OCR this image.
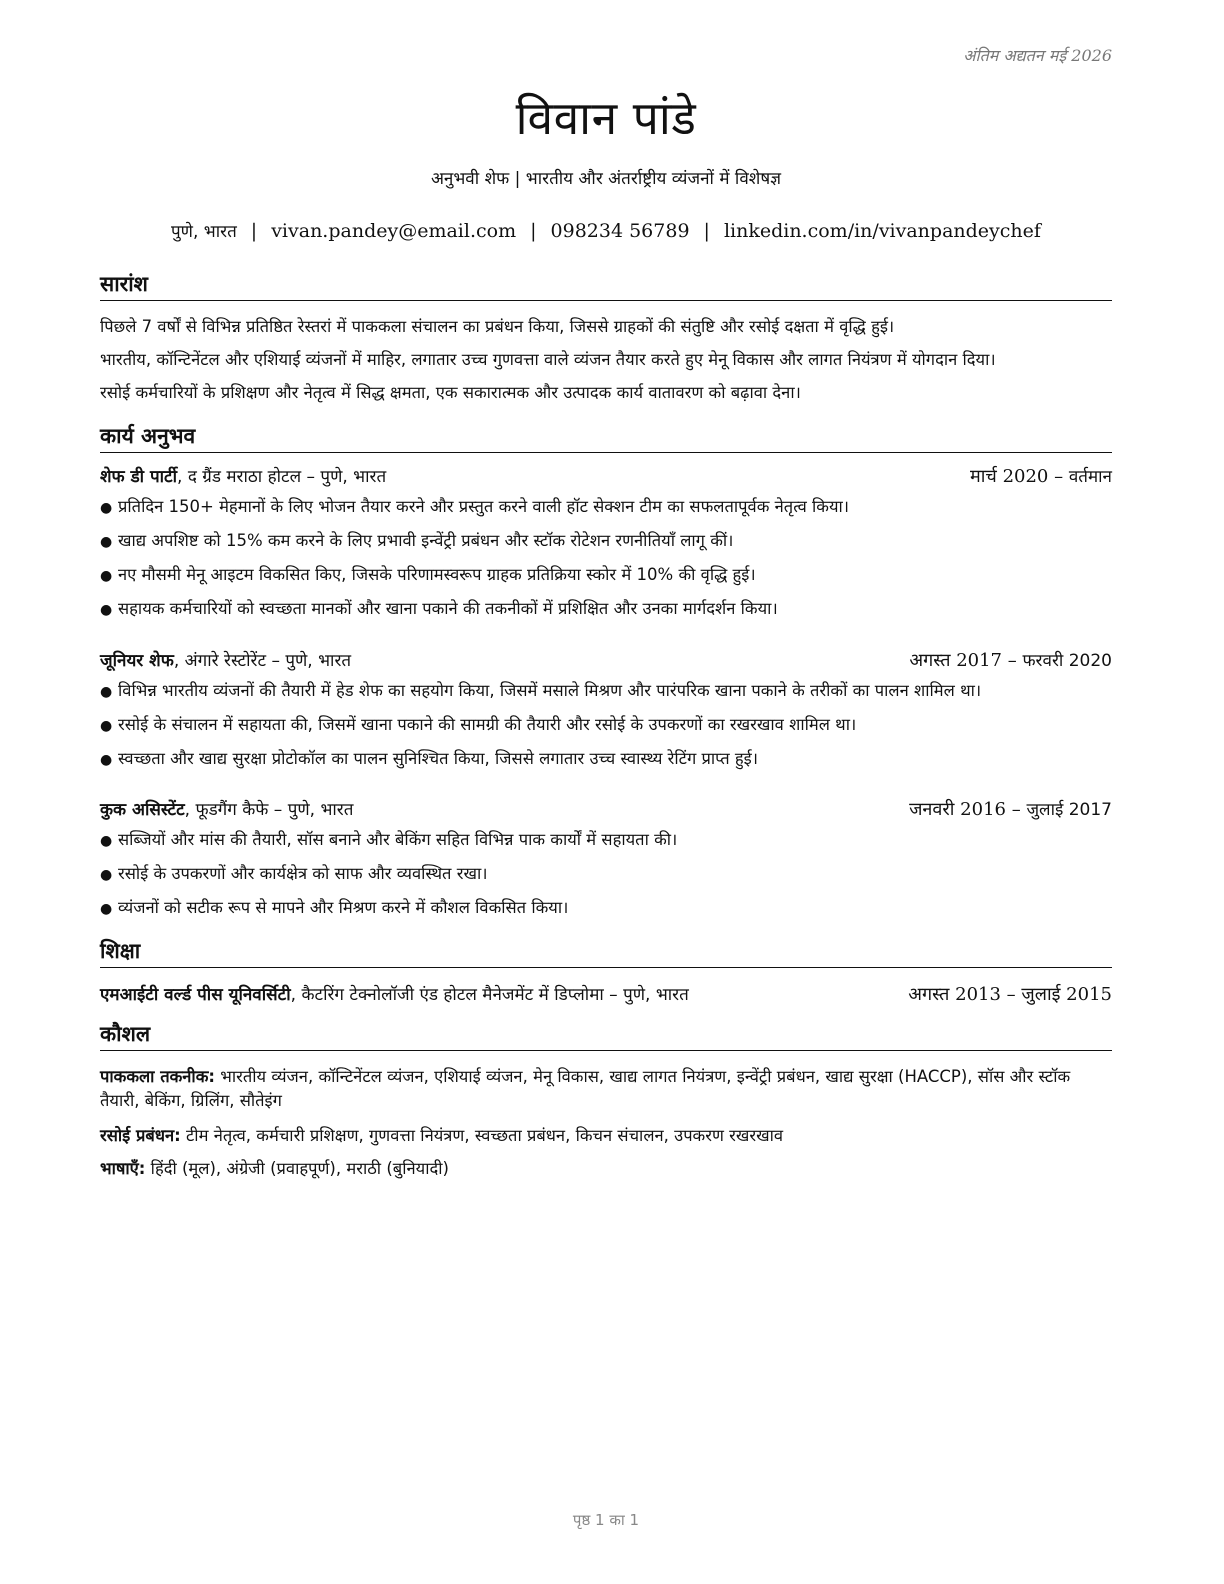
अंतिम अद्यतन मई 2026
विवान पांडे
अनुभवी शेफ | भारतीय और अंतर्राष्ट्रीय व्यंजनों में विशेषज्ञ
पुणे, भारत | vivan.pandey@email.com | 098234 56789 | linkedin.com/in/vivanpandeychef
सारांश
पिछले 7 वर्षों से विभिन्न प्रतिष्ठित रेस्तरां में पाककला संचालन का प्रबंधन किया, जिससे ग्राहकों की संतुष्टि और रसोई दक्षता में वृद्धि हुई।
भारतीय, कॉन्टिनेंटल और एशियाई व्यंजनों में माहिर, लगातार उच्च गुणवत्ता वाले व्यंजन तैयार करते हुए मेनू विकास और लागत नियंत्रण में योगदान दिया।
रसोई कर्मचारियों के प्रशिक्षण और नेतृत्व में सिद्ध क्षमता, एक सकारात्मक और उत्पादक कार्य वातावरण को बढ़ावा देना।
कार्य अनुभव
शेफ डी पार्टी, द ग्रैंड मराठा होटल – पुणे, भारत	मार्च 2020 – वर्तमान
● प्रतिदिन 150+ मेहमानों के लिए भोजन तैयार करने और प्रस्तुत करने वाली हॉट सेक्शन टीम का सफलतापूर्वक नेतृत्व किया।
● खाद्य अपशिष्ट को 15% कम करने के लिए प्रभावी इन्वेंट्री प्रबंधन और स्टॉक रोटेशन रणनीतियाँ लागू कीं।
● नए मौसमी मेनू आइटम विकसित किए, जिसके परिणामस्वरूप ग्राहक प्रतिक्रिया स्कोर में 10% की वृद्धि हुई।
● सहायक कर्मचारियों को स्वच्छता मानकों और खाना पकाने की तकनीकों में प्रशिक्षित और उनका मार्गदर्शन किया।
जूनियर शेफ, अंगारे रेस्टोरेंट – पुणे, भारत	अगस्त 2017 – फरवरी 2020
● विभिन्न भारतीय व्यंजनों की तैयारी में हेड शेफ का सहयोग किया, जिसमें मसाले मिश्रण और पारंपरिक खाना पकाने के तरीकों का पालन शामिल था।
● रसोई के संचालन में सहायता की, जिसमें खाना पकाने की सामग्री की तैयारी और रसोई के उपकरणों का रखरखाव शामिल था।
● स्वच्छता और खाद्य सुरक्षा प्रोटोकॉल का पालन सुनिश्चित किया, जिससे लगातार उच्च स्वास्थ्य रेटिंग प्राप्त हुई।
कुक असिस्टेंट, फूडगैंग कैफे – पुणे, भारत	जनवरी 2016 – जुलाई 2017
● सब्जियों और मांस की तैयारी, सॉस बनाने और बेकिंग सहित विभिन्न पाक कार्यों में सहायता की।
● रसोई के उपकरणों और कार्यक्षेत्र को साफ और व्यवस्थित रखा।
● व्यंजनों को सटीक रूप से मापने और मिश्रण करने में कौशल विकसित किया।
शिक्षा
एमआईटी वर्ल्ड पीस यूनिवर्सिटी, कैटरिंग टेक्नोलॉजी एंड होटल मैनेजमेंट में डिप्लोमा – पुणे, भारत	अगस्त 2013 – जुलाई 2015
कौशल
पाककला तकनीक: भारतीय व्यंजन, कॉन्टिनेंटल व्यंजन, एशियाई व्यंजन, मेनू विकास, खाद्य लागत नियंत्रण, इन्वेंट्री प्रबंधन, खाद्य सुरक्षा (HACCP), सॉस और स्टॉक तैयारी, बेकिंग, ग्रिलिंग, सौतेइंग
रसोई प्रबंधन: टीम नेतृत्व, कर्मचारी प्रशिक्षण, गुणवत्ता नियंत्रण, स्वच्छता प्रबंधन, किचन संचालन, उपकरण रखरखाव
भाषाएँ: हिंदी (मूल), अंग्रेजी (प्रवाहपूर्ण), मराठी (बुनियादी)
पृष्ठ 1 का 1
